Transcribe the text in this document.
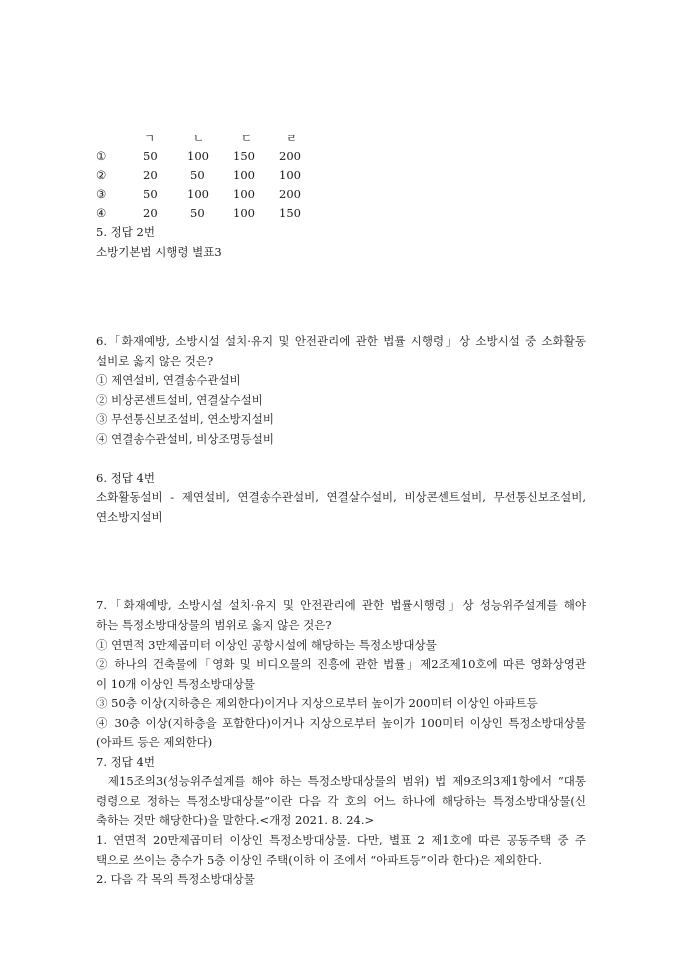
ㄱ	ㄴ	ㄷ	ㄹ
①	50	100 150 200
②	20	50 100 100
③	50	100 100 200
④	20	50 100 150
5. 정답 2번
소방기본법 시행령 별표3
6.「화재예방, 소방시설 설치·유지 및 안전관리에 관한 법률 시행령」상 소방시설 중 소화활동
설비로 옳지 않은 것은?
① 제연설비, 연결송수관설비
② 비상콘센트설비, 연결살수설비
③ 무선통신보조설비, 연소방지설비
④ 연결송수관설비, 비상조명등설비
6. 정답 4번
소화활동설비 - 제연설비, 연결송수관설비, 연결살수설비, 비상콘센트설비, 무선통신보조설비,
연소방지설비
7.「화재예방, 소방시설 설치·유지 및 안전관리에 관한 법률시행령」상 성능위주설계를 해야
하는 특정소방대상물의 범위로 옳지 않은 것은?
① 연면적 3만제곱미터 이상인 공항시설에 해당하는 특정소방대상물
② 하나의 건축물에「영화 및 비디오물의 진흥에 관한 법률」제2조제10호에 따른 영화상영관
이 10개 이상인 특정소방대상물
③ 50층 이상(지하층은 제외한다)이거나 지상으로부터 높이가 200미터 이상인 아파트등
④ 30층 이상(지하층을 포함한다)이거나 지상으로부터 높이가 100미터 이상인 특정소방대상물
(아파트 등은 제외한다)
7. 정답 4번
제15조의3(성능위주설계를 해야 하는 특정소방대상물의 범위) 법 제9조의3제1항에서 “대통
령령으로 정하는 특정소방대상물”이란 다음 각 호의 어느 하나에 해당하는 특정소방대상물(신
축하는 것만 해당한다)을 말한다.<개정 2021. 8. 24.>
1. 연면적 20만제곱미터 이상인 특정소방대상물. 다만, 별표 2 제1호에 따른 공동주택 중 주
택으로 쓰이는 층수가 5층 이상인 주택(이하 이 조에서 “아파트등”이라 한다)은 제외한다.
2. 다음 각 목의 특정소방대상물
